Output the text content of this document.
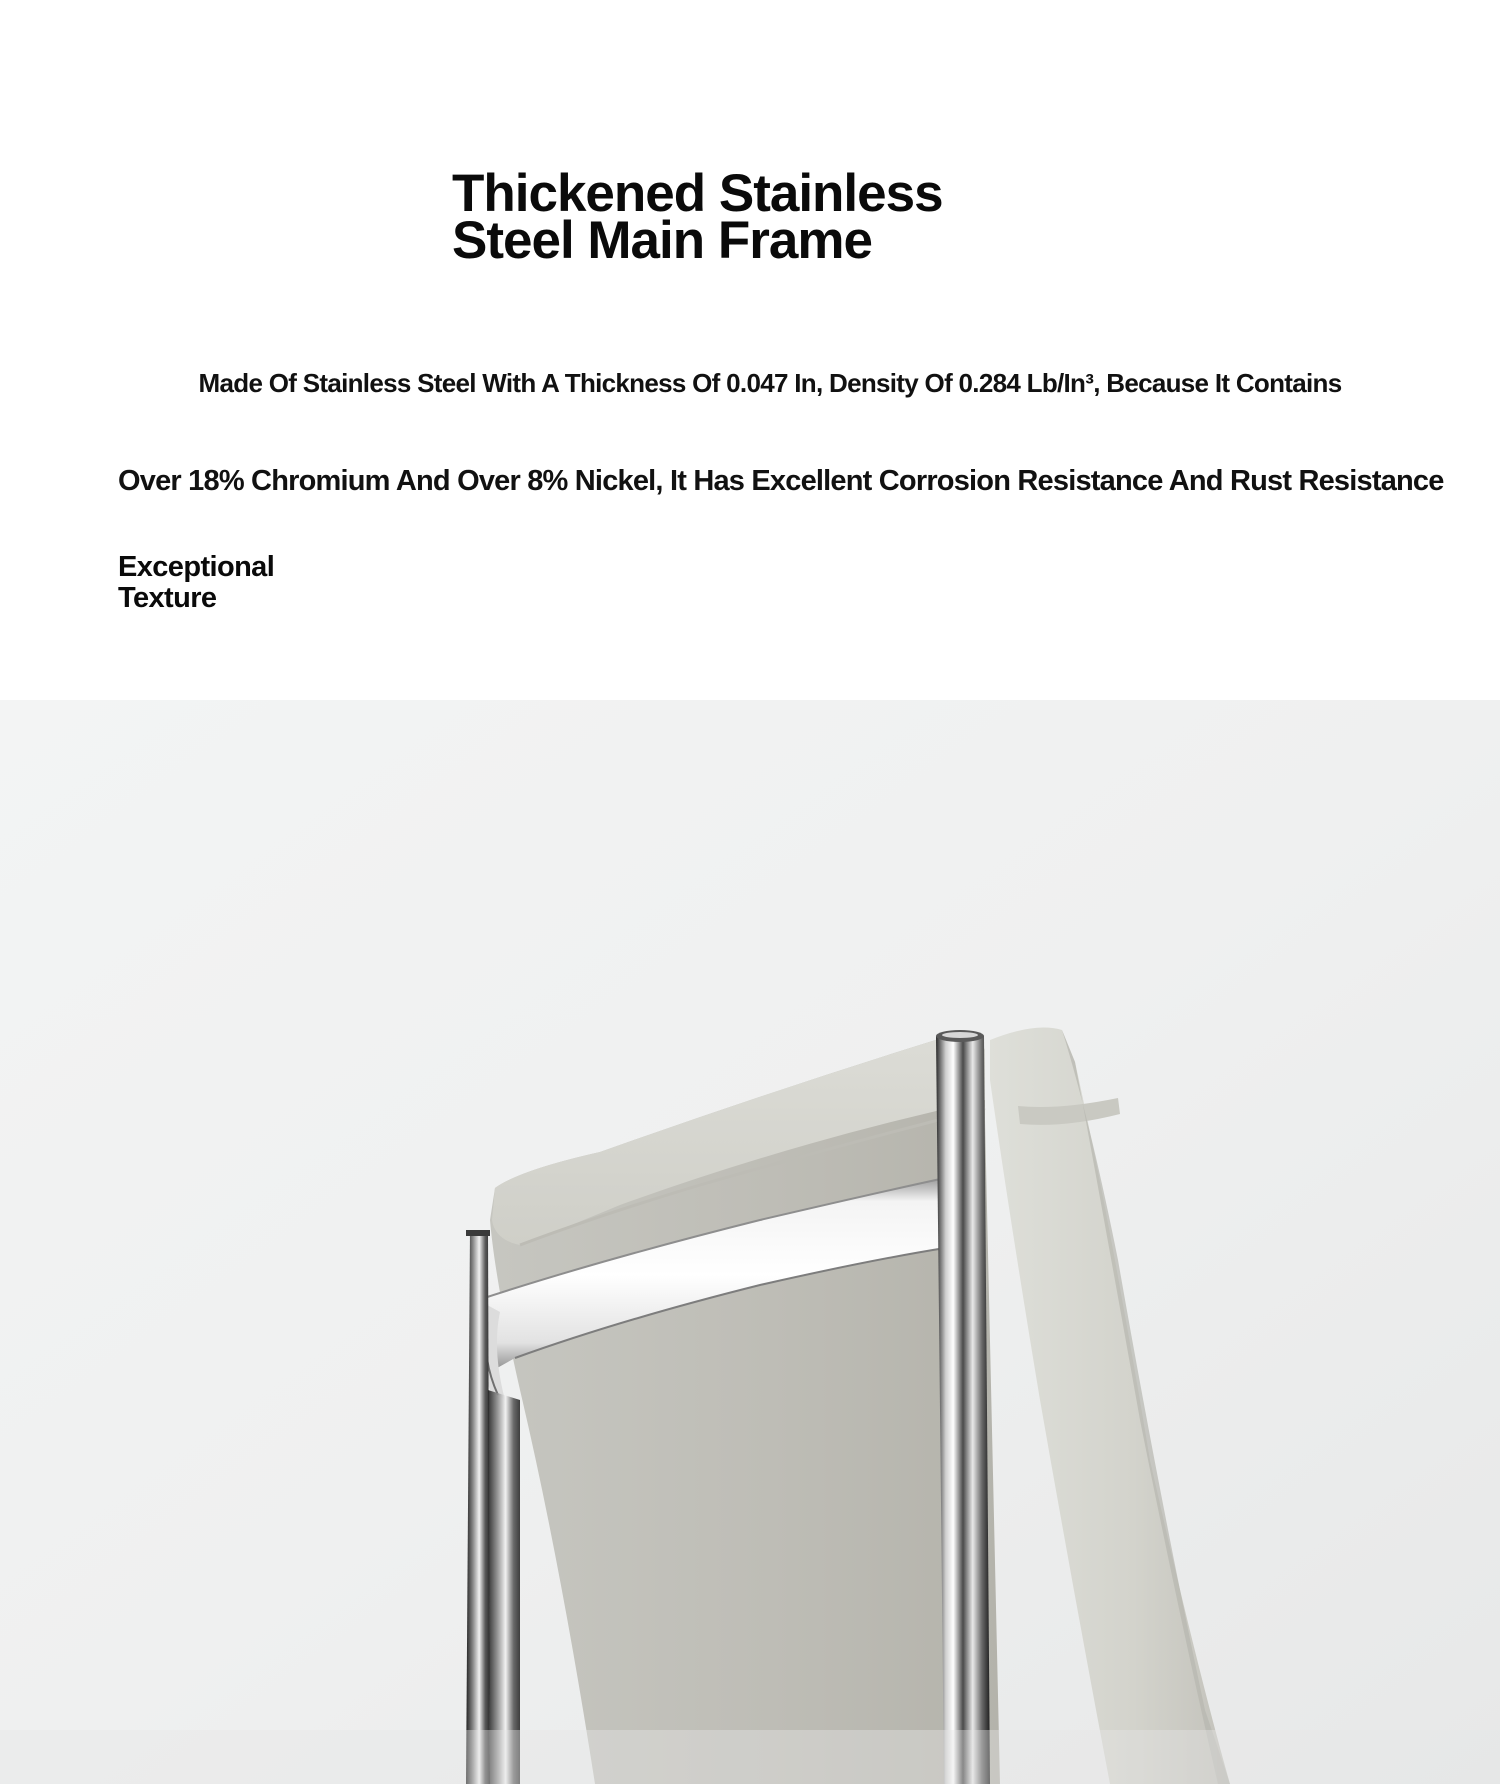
Thickened Stainless
Steel Main Frame

Made Of Stainless Steel With A Thickness Of 0.047 In, Density Of 0.284 Lb/In³, Because It Contains

Over 18% Chromium And Over 8% Nickel, It Has Excellent Corrosion Resistance And Rust Resistance

Exceptional
Texture
